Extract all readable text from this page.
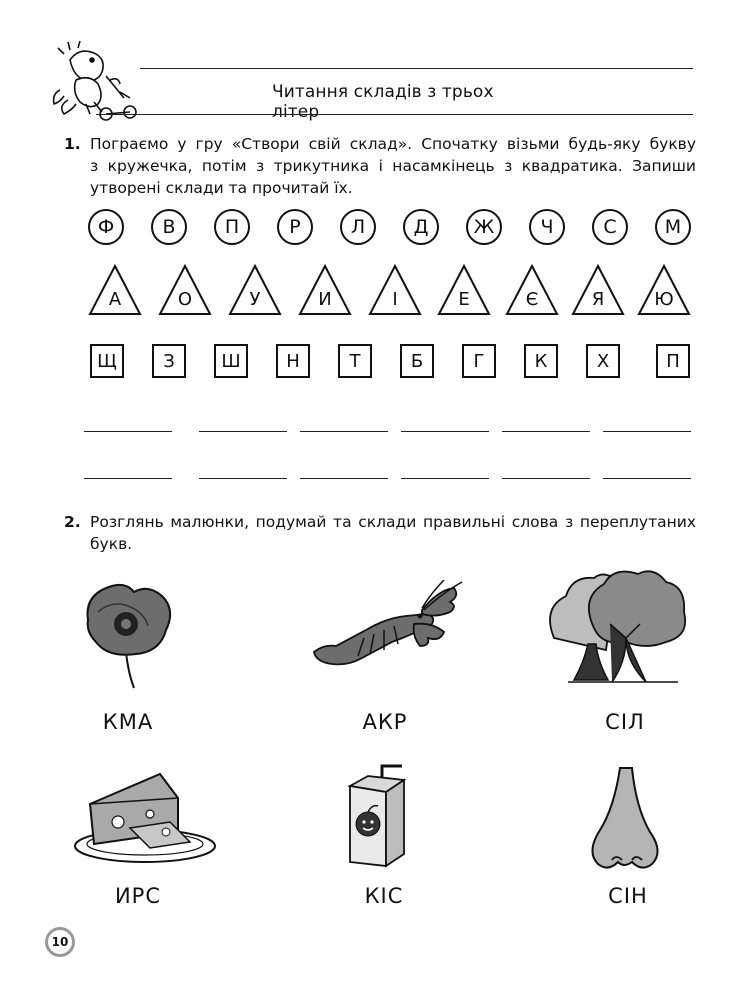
Читання складів з трьох літер
1. Пограємо у гру «Створи свій склад». Спочатку візьми будь-яку букву
з кружечка, потім з трикутника і насамкінець з квадратика. Запиши
утворені склади та прочитай їх.
Ф	В	П	Р	Л	Д Ж Ч	С	М
А	О	У	И	І	Е	Є	Я	Ю
Щ	З	Ш	Н	Т	Б	Г	К	Х	П
2. Розглянь малюнки, подумай та склади правильні слова з переплутаних
букв.
КМА	АКР	СІЛ
ИРС	КІС	СІН
10
